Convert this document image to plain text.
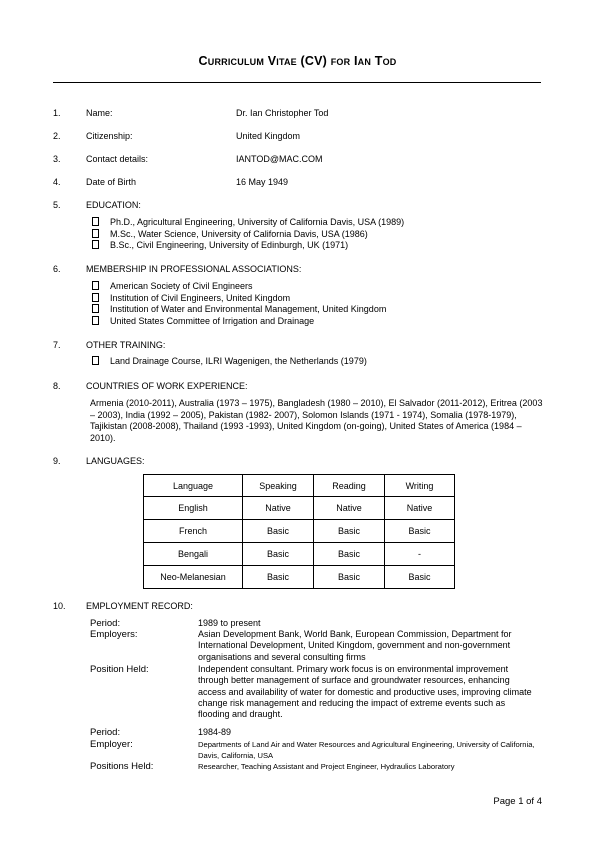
Curriculum Vitae (CV) for Ian Tod
1.	Name:	Dr. Ian Christopher Tod
2.	Citizenship:	United Kingdom
3.	Contact details:	IANTOD@MAC.COM
4.	Date of Birth	16 May 1949
5.	EDUCATION:
Ph.D., Agricultural Engineering, University of California Davis, USA (1989)
M.Sc., Water Science, University of California Davis, USA (1986)
B.Sc., Civil Engineering, University of Edinburgh, UK (1971)
6.	MEMBERSHIP IN PROFESSIONAL ASSOCIATIONS:
American Society of Civil Engineers
Institution of Civil Engineers, United Kingdom
Institution of Water and Environmental Management, United Kingdom
United States Committee of Irrigation and Drainage
7.	OTHER TRAINING:
Land Drainage Course, ILRI Wagenigen, the Netherlands (1979)
8.	COUNTRIES OF WORK EXPERIENCE:
Armenia (2010-2011), Australia (1973 – 1975), Bangladesh (1980 – 2010), El Salvador (2011-2012), Eritrea (2003 – 2003), India (1992 – 2005), Pakistan (1982- 2007), Solomon Islands (1971 - 1974), Somalia (1978-1979), Tajikistan (2008-2008), Thailand (1993 -1993), United Kingdom (on-going), United States of America (1984 – 2010).
9.	LANGUAGES:
Language	Speaking	Reading	Writing
English	Native	Native	Native
French	Basic	Basic	Basic
Bengali	Basic	Basic	-
Neo-Melanesian	Basic	Basic	Basic
10. EMPLOYMENT RECORD:
Period:	1989 to present
Employers:	Asian Development Bank, World Bank, European Commission, Department for International Development, United Kingdom, government and non-government organisations and several consulting firms
Position Held:	Independent consultant. Primary work focus is on environmental improvement through better management of surface and groundwater resources, enhancing access and availability of water for domestic and productive uses, improving climate change risk management and reducing the impact of extreme events such as flooding and draught.
Period:	1984-89
Employer:	Departments of Land Air and Water Resources and Agricultural Engineering, University of California, Davis, California, USA
Positions Held:	Researcher, Teaching Assistant and Project Engineer, Hydraulics Laboratory
Page 1 of 4
